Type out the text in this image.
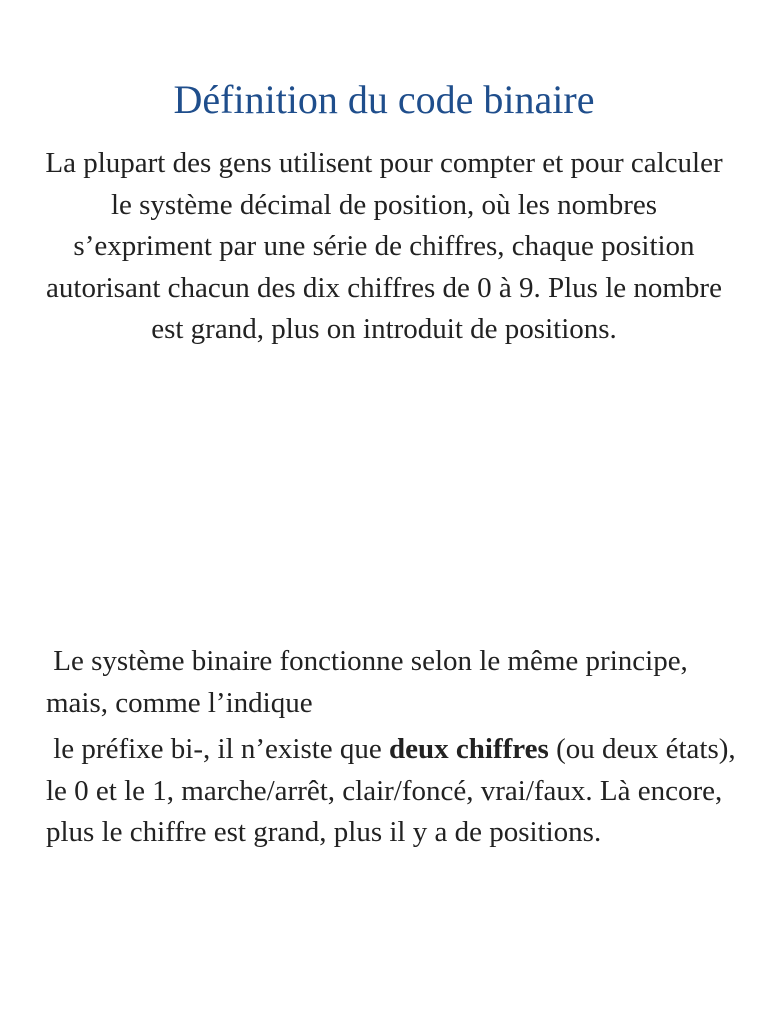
Définition du code binaire

La plupart des gens utilisent pour compter et pour calculer le système décimal de position, où les nombres s’expriment par une série de chiffres, chaque position autorisant chacun des dix chiffres de 0 à 9. Plus le nombre est grand, plus on introduit de positions.

Le système binaire fonctionne selon le même principe, mais, comme l’indique

le préfixe bi-, il n’existe que deux chiffres (ou deux états), le 0 et le 1, marche/arrêt, clair/foncé, vrai/faux. Là encore, plus le chiffre est grand, plus il y a de positions.
